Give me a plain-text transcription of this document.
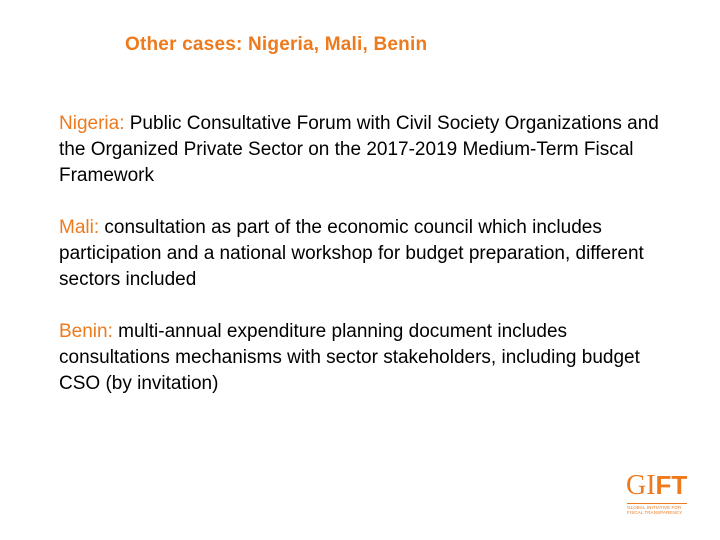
Other cases: Nigeria, Mali, Benin

Nigeria: Public Consultative Forum with Civil Society Organizations and the Organized Private Sector on the 2017-2019 Medium-Term Fiscal Framework

Mali: consultation as part of the economic council which includes participation and a national workshop for budget preparation, different sectors included

Benin: multi-annual expenditure planning document includes consultations mechanisms with sector stakeholders, including budget CSO (by invitation)

GIFT
GLOBAL INITIATIVE FOR
FISCAL TRANSPARENCY
